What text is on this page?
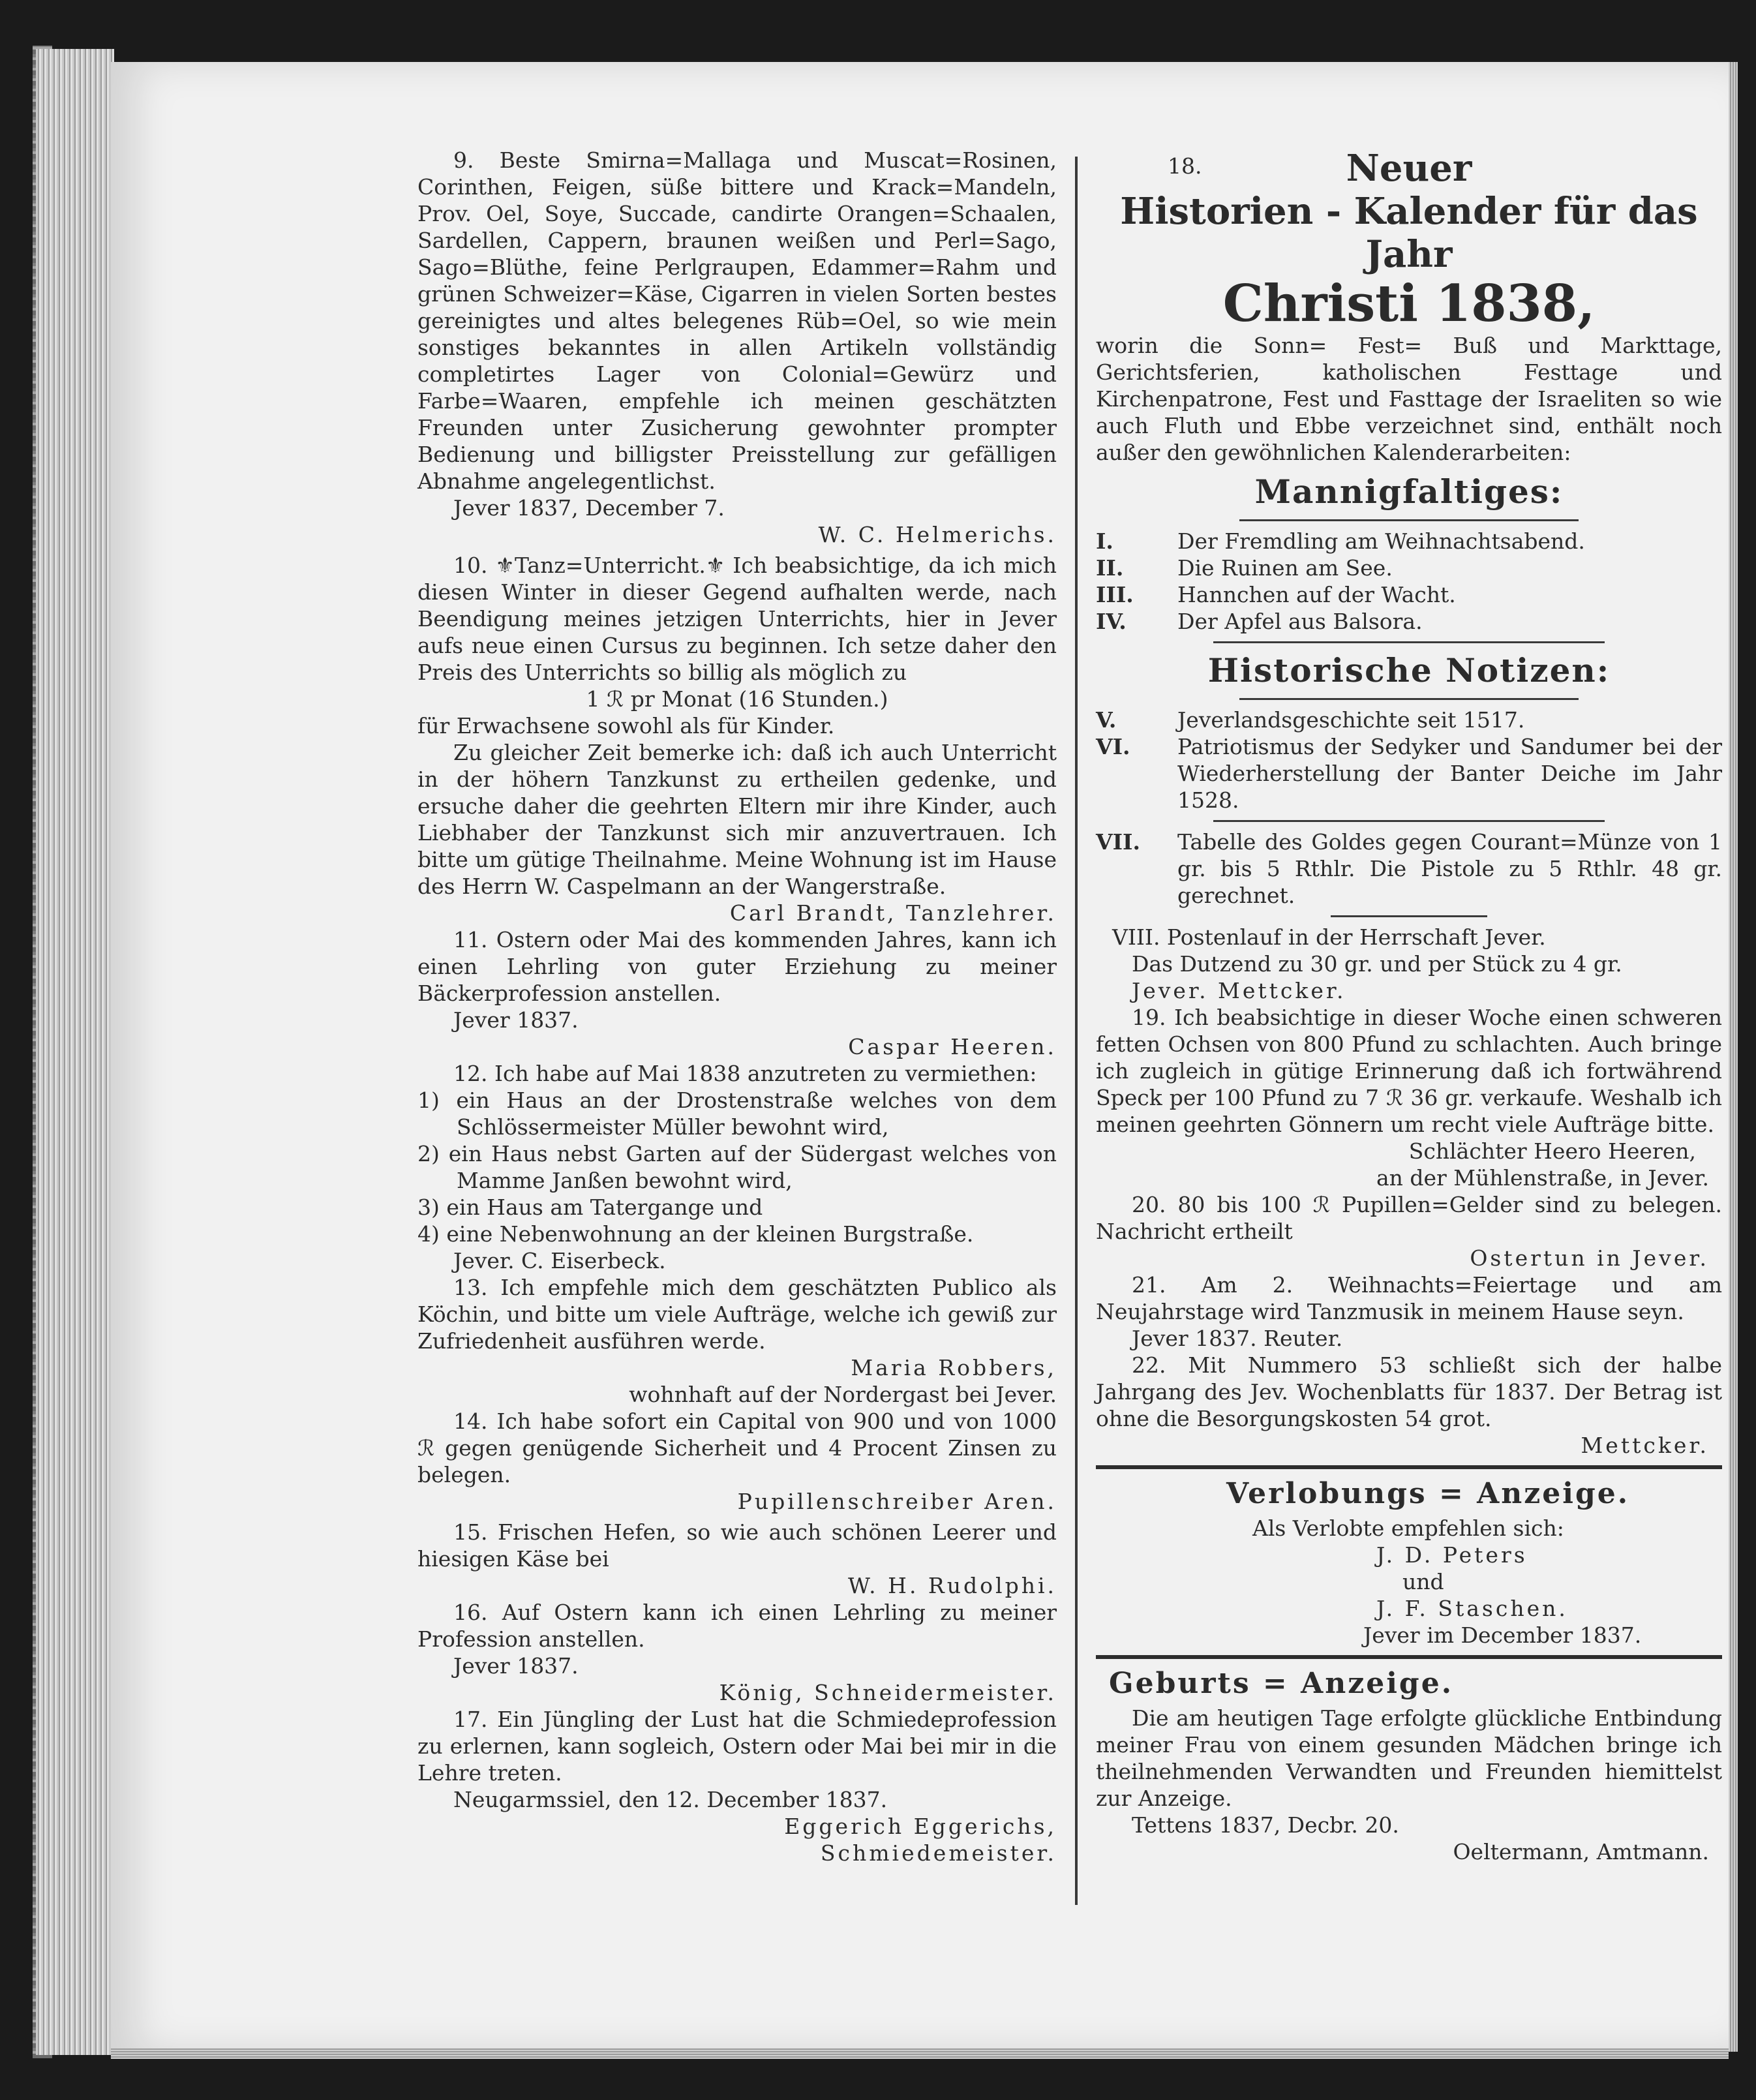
9. Beste Smirna=Mallaga und Muscat=Rosinen, Corinthen, Feigen, süße bittere und Krack=Mandeln, Prov. Oel, Soye, Succade, candirte Orangen=Schaalen, Sardellen, Cappern, braunen weißen und Perl=Sago, Sago=Blüthe, feine Perlgraupen, Edammer=Rahm und grünen Schweizer=Käse, Cigarren in vielen Sorten bestes gereinigtes und altes belegenes Rüb=Oel, so wie mein sonstiges bekanntes in allen Artikeln vollständig completirtes Lager von Colonial=Gewürz und Farbe=Waaren, empfehle ich meinen geschätzten Freunden unter Zusicherung gewohnter prompter Bedienung und billigster Preisstellung zur gefälligen Abnahme angelegentlichst.

Jever 1837, December 7.

W. C. Helmerichs.

10. ⚜Tanz=Unterricht.⚜ Ich beabsichtige, da ich mich diesen Winter in dieser Gegend aufhalten werde, nach Beendigung meines jetzigen Unterrichts, hier in Jever aufs neue einen Cursus zu beginnen. Ich setze daher den Preis des Unterrichts so billig als möglich zu

1 ℛ pr Monat (16 Stunden.)

für Erwachsene sowohl als für Kinder.

Zu gleicher Zeit bemerke ich: daß ich auch Unterricht in der höhern Tanzkunst zu ertheilen gedenke, und ersuche daher die geehrten Eltern mir ihre Kinder, auch Liebhaber der Tanzkunst sich mir anzuvertrauen. Ich bitte um gütige Theilnahme. Meine Wohnung ist im Hause des Herrn W. Caspelmann an der Wangerstraße.

Carl Brandt, Tanzlehrer.

11. Ostern oder Mai des kommenden Jahres, kann ich einen Lehrling von guter Erziehung zu meiner Bäckerprofession anstellen.

Jever 1837.

Caspar Heeren.

12. Ich habe auf Mai 1838 anzutreten zu vermiethen:

1) ein Haus an der Drostenstraße welches von dem Schlössermeister Müller bewohnt wird,

2) ein Haus nebst Garten auf der Südergast welches von Mamme Janßen bewohnt wird,

3) ein Haus am Tatergange und

4) eine Nebenwohnung an der kleinen Burgstraße.

Jever. C. Eiserbeck.

13. Ich empfehle mich dem geschätzten Publico als Köchin, und bitte um viele Aufträge, welche ich gewiß zur Zufriedenheit ausführen werde.

Maria Robbers,

wohnhaft auf der Nordergast bei Jever.

14. Ich habe sofort ein Capital von 900 und von 1000 ℛ gegen genügende Sicherheit und 4 Procent Zinsen zu belegen.

Pupillenschreiber Aren.

15. Frischen Hefen, so wie auch schönen Leerer und hiesigen Käse bei

W. H. Rudolphi.

16. Auf Ostern kann ich einen Lehrling zu meiner Profession anstellen.

Jever 1837.

König, Schneidermeister.

17. Ein Jüngling der Lust hat die Schmiedeprofession zu erlernen, kann sogleich, Ostern oder Mai bei mir in die Lehre treten.

Neugarmssiel, den 12. December 1837.

Eggerich Eggerichs,

Schmiedemeister.

18.	Neuer

Historien - Kalender für das Jahr

Christi 1838,

worin die Sonn= Fest= Buß und Markttage, Gerichtsferien, katholischen Festtage und Kirchenpatrone, Fest und Fasttage der Israeliten so wie auch Fluth und Ebbe verzeichnet sind, enthält noch außer den gewöhnlichen Kalenderarbeiten:

Mannigfaltiges:

I.	Der Fremdling am Weihnachtsabend.
II.	Die Ruinen am See.
III.	Hannchen auf der Wacht.
IV.	Der Apfel aus Balsora.

Historische Notizen:

V.	Jeverlandsgeschichte seit 1517.
VI.	Patriotismus der Sedyker und Sandumer bei der Wiederherstellung der Banter Deiche im Jahr 1528.
VII.	Tabelle des Goldes gegen Courant=Münze von 1 gr. bis 5 Rthlr. Die Pistole zu 5 Rthlr. 48 gr. gerechnet.

VIII. Postenlauf in der Herrschaft Jever.

Das Dutzend zu 30 gr. und per Stück zu 4 gr.

Jever. Mettcker.

19. Ich beabsichtige in dieser Woche einen schweren fetten Ochsen von 800 Pfund zu schlachten. Auch bringe ich zugleich in gütige Erinnerung daß ich fortwährend Speck per 100 Pfund zu 7 ℛ 36 gr. verkaufe. Weshalb ich meinen geehrten Gönnern um recht viele Aufträge bitte.

Schlächter Heero Heeren,

an der Mühlenstraße, in Jever.

20. 80 bis 100 ℛ Pupillen=Gelder sind zu belegen. Nachricht ertheilt

Ostertun in Jever.

21. Am 2. Weihnachts=Feiertage und am Neujahrstage wird Tanzmusik in meinem Hause seyn.

Jever 1837. Reuter.

22. Mit Nummero 53 schließt sich der halbe Jahrgang des Jev. Wochenblatts für 1837. Der Betrag ist ohne die Besorgungskosten 54 grot.

Mettcker.

Verlobungs = Anzeige.

Als Verlobte empfehlen sich:

J. D. Peters

und

J. F. Staschen.

Jever im December 1837.

Geburts = Anzeige.

Die am heutigen Tage erfolgte glückliche Entbindung meiner Frau von einem gesunden Mädchen bringe ich theilnehmenden Verwandten und Freunden hiemittelst zur Anzeige.

Tettens 1837, Decbr. 20.

Oeltermann, Amtmann.
